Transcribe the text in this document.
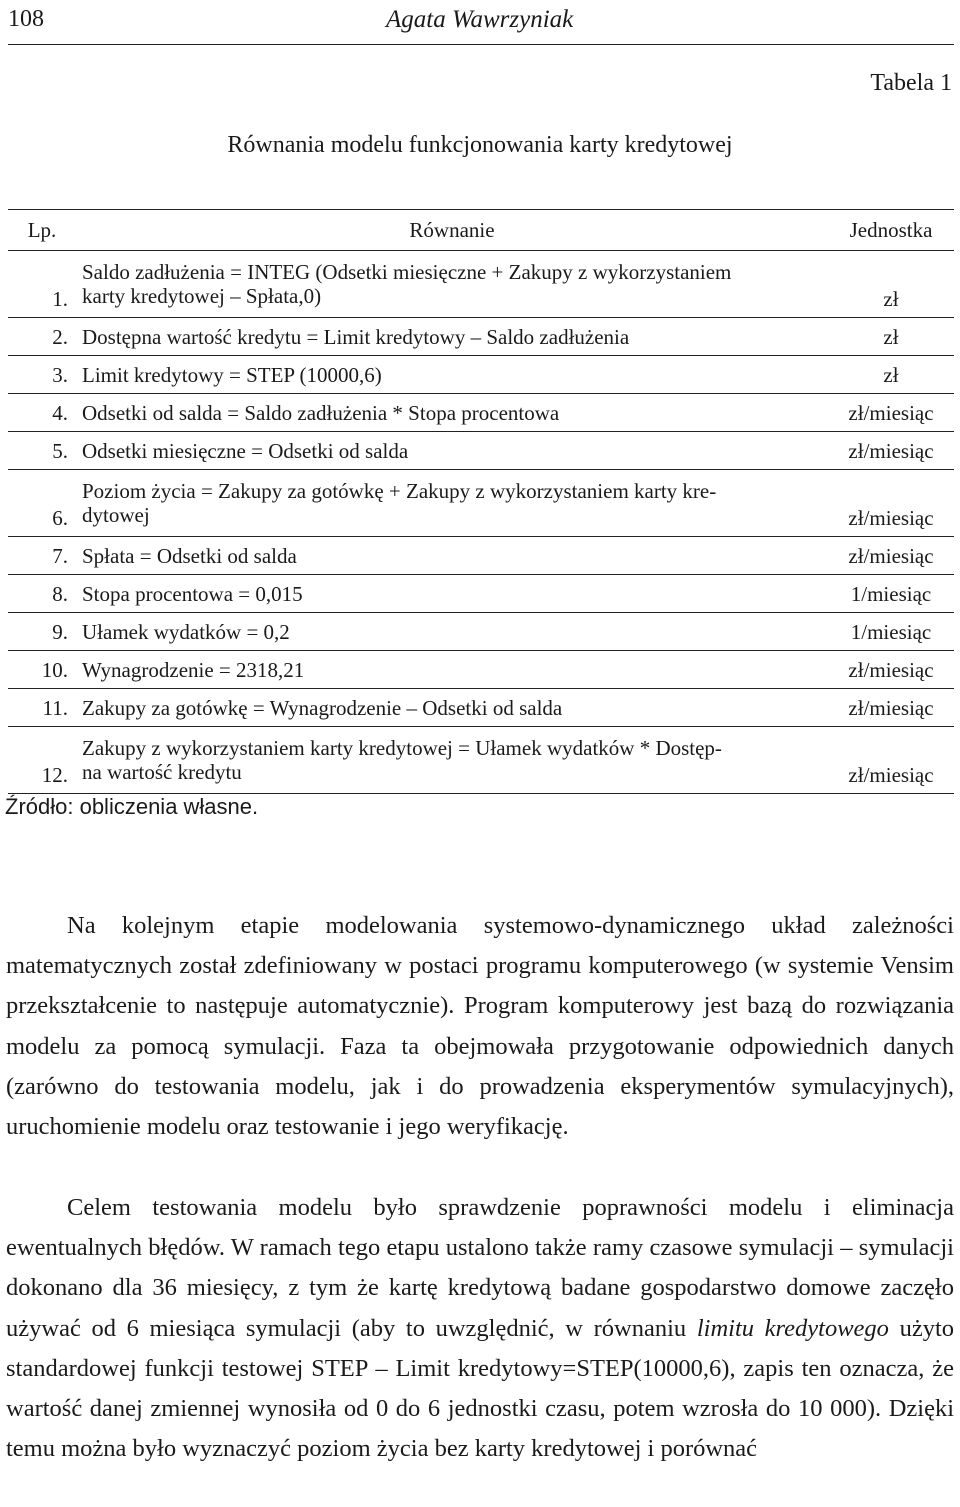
108	Agata Wawrzyniak
Tabela 1
Równania modelu funkcjonowania karty kredytowej
Lp.	Równanie	Jednostka
1.	Saldo zadłużenia = INTEG (Odsetki miesięczne + Zakupy z wykorzystaniem
karty kredytowej – Spłata,0)	zł
2.	Dostępna wartość kredytu = Limit kredytowy – Saldo zadłużenia	zł
3.	Limit kredytowy = STEP (10000,6)	zł
4.	Odsetki od salda = Saldo zadłużenia * Stopa procentowa	zł/miesiąc
5.	Odsetki miesięczne = Odsetki od salda	zł/miesiąc
6.	Poziom życia = Zakupy za gotówkę + Zakupy z wykorzystaniem karty kre-
dytowej	zł/miesiąc
7.	Spłata = Odsetki od salda	zł/miesiąc
8.	Stopa procentowa = 0,015	1/miesiąc
9.	Ułamek wydatków = 0,2	1/miesiąc
10.	Wynagrodzenie = 2318,21	zł/miesiąc
11.	Zakupy za gotówkę = Wynagrodzenie – Odsetki od salda	zł/miesiąc
12.	Zakupy z wykorzystaniem karty kredytowej = Ułamek wydatków * Dostęp-
na wartość kredytu	zł/miesiąc
Źródło: obliczenia własne.

Na kolejnym etapie modelowania systemowo-dynamicznego układ zależności matematycznych został zdefiniowany w postaci programu komputerowego (w systemie Vensim przekształcenie to następuje automatycznie). Program komputerowy jest bazą do rozwiązania modelu za pomocą symulacji. Faza ta obejmowała przygotowanie odpowiednich danych (zarówno do testowania modelu, jak i do prowadzenia eksperymentów symulacyjnych), uruchomienie modelu oraz testowanie i jego weryfikację.

Celem testowania modelu było sprawdzenie poprawności modelu i eliminacja ewentualnych błędów. W ramach tego etapu ustalono także ramy czasowe symulacji – symulacji dokonano dla 36 miesięcy, z tym że kartę kredytową badane gospodarstwo domowe zaczęło używać od 6 miesiąca symulacji (aby to uwzględnić, w równaniu limitu kredytowego użyto standardowej funkcji testowej STEP – Limit kredytowy=STEP(10000,6), zapis ten oznacza, że wartość danej zmiennej wynosiła od 0 do 6 jednostki czasu, potem wzrosła do 10 000). Dzięki temu można było wyznaczyć poziom życia bez karty kredytowej i porównać
